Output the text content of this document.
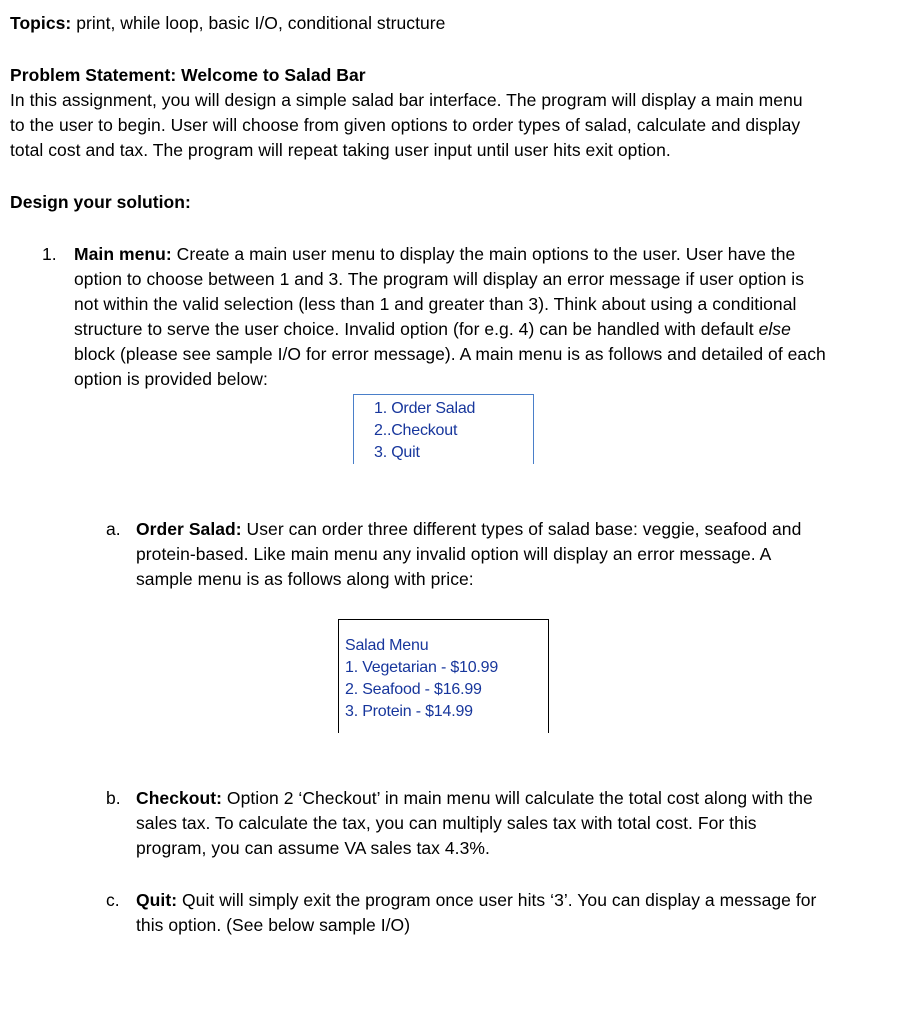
Topics: print, while loop, basic I/O, conditional structure
Problem Statement: Welcome to Salad Bar
In this assignment, you will design a simple salad bar interface. The program will display a main menu
to the user to begin. User will choose from given options to order types of salad, calculate and display
total cost and tax. The program will repeat taking user input until user hits exit option.
Design your solution:
1. Main menu: Create a main user menu to display the main options to the user. User have the
option to choose between 1 and 3. The program will display an error message if user option is
not within the valid selection (less than 1 and greater than 3). Think about using a conditional
structure to serve the user choice. Invalid option (for e.g. 4) can be handled with default else
block (please see sample I/O for error message). A main menu is as follows and detailed of each
option is provided below:
1. Order Salad
2..Checkout
3. Quit
a. Order Salad: User can order three different types of salad base: veggie, seafood and
protein-based. Like main menu any invalid option will display an error message. A
sample menu is as follows along with price:
Salad Menu
1. Vegetarian - $10.99
2. Seafood - $16.99
3. Protein - $14.99
b. Checkout: Option 2 ‘Checkout’ in main menu will calculate the total cost along with the
sales tax. To calculate the tax, you can multiply sales tax with total cost. For this
program, you can assume VA sales tax 4.3%.
c. Quit: Quit will simply exit the program once user hits ‘3’. You can display a message for
this option. (See below sample I/O)
